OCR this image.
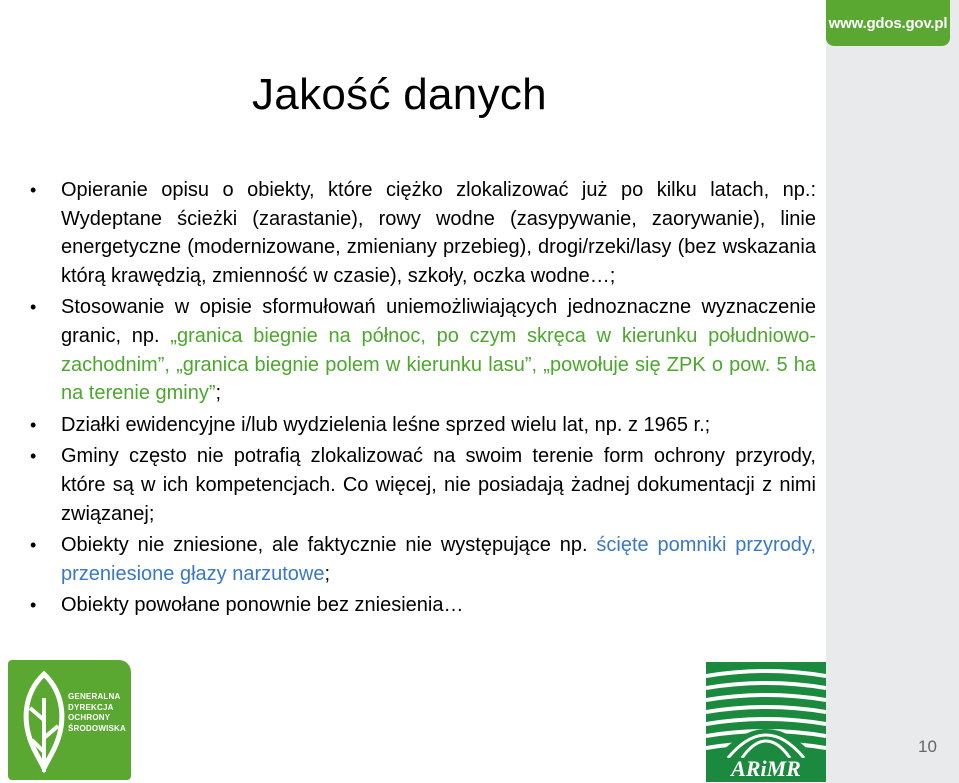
www.gdos.gov.pl
Jakość danych
• Opieranie opisu o obiekty, które ciężko zlokalizować już po kilku latach, np.: Wydeptane ścieżki (zarastanie), rowy wodne (zasypywanie, zaorywanie), linie energetyczne (modernizowane, zmieniany przebieg), drogi/rzeki/lasy (bez wskazania którą krawędzią, zmienność w czasie), szkoły, oczka wodne…;
• Stosowanie w opisie sformułowań uniemożliwiających jednoznaczne wyznaczenie granic, np. „granica biegnie na północ, po czym skręca w kierunku południowo-zachodnim”, „granica biegnie polem w kierunku lasu”, „powołuje się ZPK o pow. 5 ha na terenie gminy”;
• Działki ewidencyjne i/lub wydzielenia leśne sprzed wielu lat, np. z 1965 r.;
• Gminy często nie potrafią zlokalizować na swoim terenie form ochrony przyrody, które są w ich kompetencjach. Co więcej, nie posiadają żadnej dokumentacji z nimi związanej;
• Obiekty nie zniesione, ale faktycznie nie występujące np. ścięte pomniki przyrody, przeniesione głazy narzutowe;
• Obiekty powołane ponownie bez zniesienia…
GENERALNA
DYREKCJA
OCHRONY
ŚRODOWISKA
ARiMR
10
